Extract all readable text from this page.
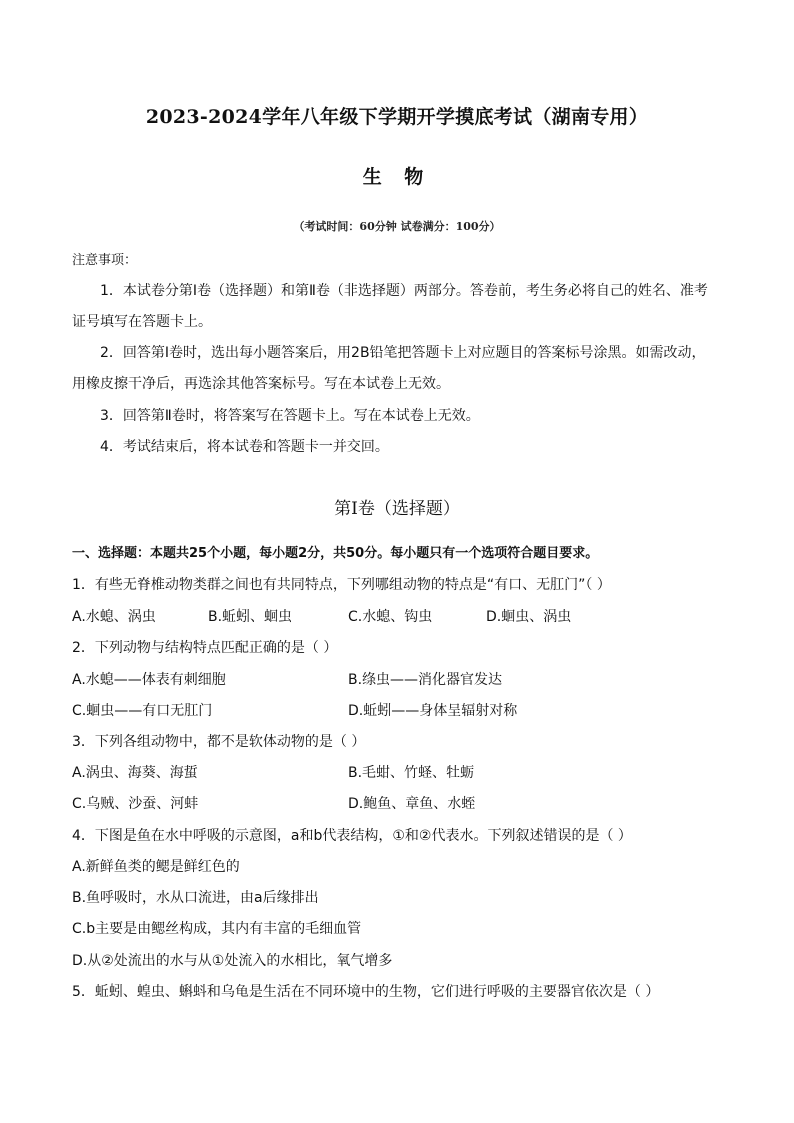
2023-2024学年八年级下学期开学摸底考试（湖南专用）
生 物
（考试时间：60分钟 试卷满分：100分）
注意事项：
1．本试卷分第Ⅰ卷（选择题）和第Ⅱ卷（非选择题）两部分。答卷前，考生务必将自己的姓名、准考
证号填写在答题卡上。
2．回答第Ⅰ卷时，选出每小题答案后，用2B铅笔把答题卡上对应题目的答案标号涂黑。如需改动，
用橡皮擦干净后，再选涂其他答案标号。写在本试卷上无效。
3．回答第Ⅱ卷时，将答案写在答题卡上。写在本试卷上无效。
4．考试结束后，将本试卷和答题卡一并交回。
第Ⅰ卷（选择题）
一、选择题：本题共25个小题，每小题2分，共50分。每小题只有一个选项符合题目要求。
1．有些无脊椎动物类群之间也有共同特点，下列哪组动物的特点是“有口、无肛门”（ ）
A.水螅、涡虫	B.蚯蚓、蛔虫	C.水螅、钩虫	D.蛔虫、涡虫
2．下列动物与结构特点匹配正确的是（ ）
A.水螅——体表有刺细胞	B.绦虫——消化器官发达
C.蛔虫——有口无肛门	D.蚯蚓——身体呈辐射对称
3．下列各组动物中，都不是软体动物的是（ ）
A.涡虫、海葵、海蜇	B.毛蚶、竹蛏、牡蛎
C.乌贼、沙蚕、河蚌	D.鲍鱼、章鱼、水蛭
4．下图是鱼在水中呼吸的示意图，a和b代表结构，①和②代表水。下列叙述错误的是（ ）
A.新鲜鱼类的鳃是鲜红色的
B.鱼呼吸时，水从口流进，由a后缘排出
C.b主要是由鳃丝构成，其内有丰富的毛细血管
D.从②处流出的水与从①处流入的水相比，氧气增多
5．蚯蚓、蝗虫、蝌蚪和乌龟是生活在不同环境中的生物，它们进行呼吸的主要器官依次是（ ）
